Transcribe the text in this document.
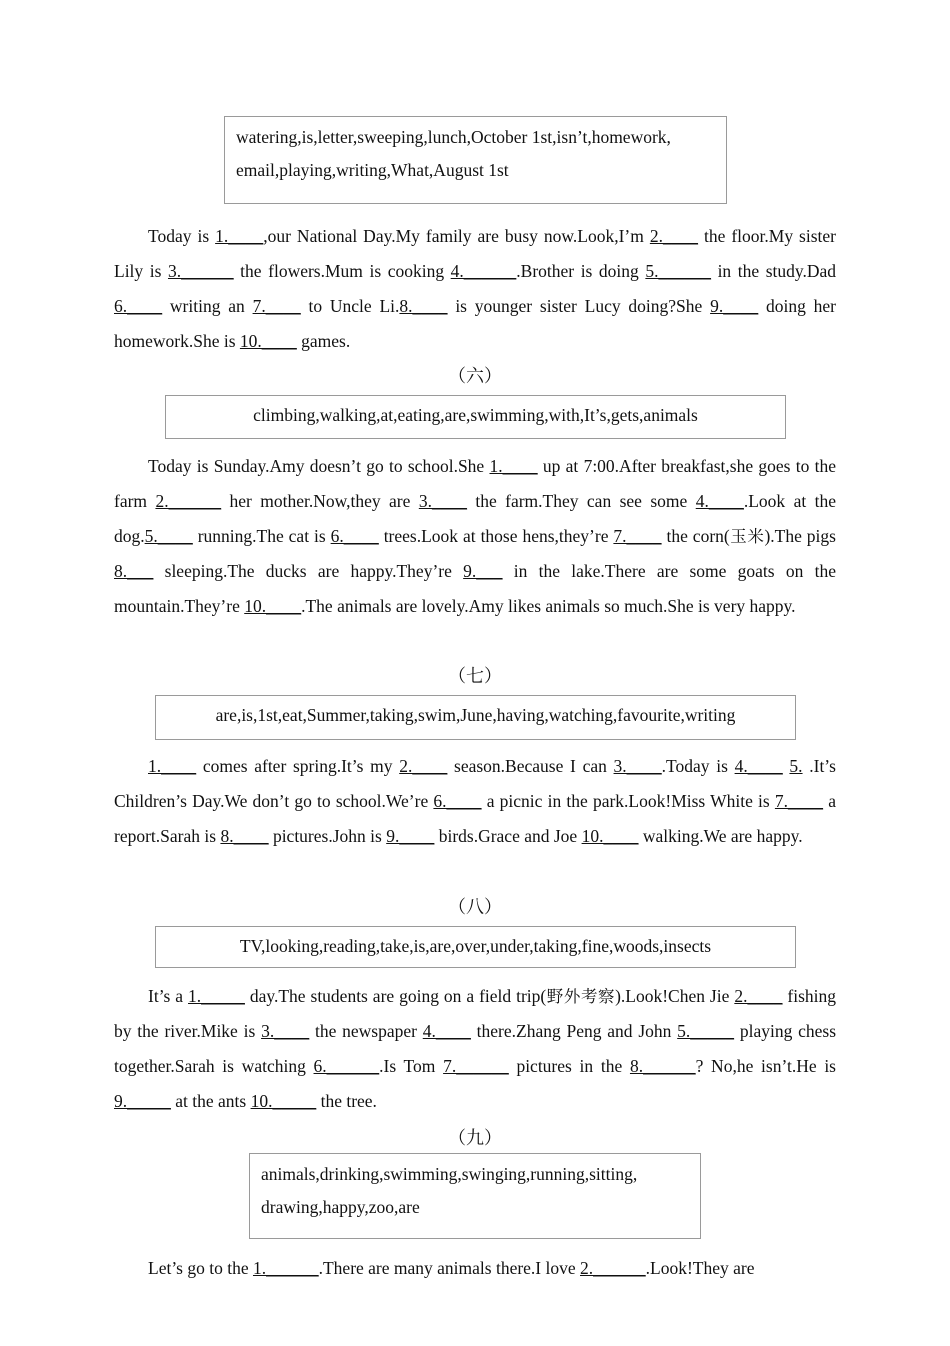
watering,is,letter,sweeping,lunch,October 1st,isn’t,homework,
email,playing,writing,What,August 1st

Today is 1.____,our National Day.My family are busy now.Look,I’m 2.____ the floor.My sister Lily is 3.______ the flowers.Mum is cooking 4.______.Brother is doing 5.______ in the study.Dad 6.____ writing an 7.____ to Uncle Li.8.____ is younger sister Lucy doing?She 9.____ doing her homework.She is 10.____ games.

（六）
climbing,walking,at,eating,are,swimming,with,It’s,gets,animals

Today is Sunday.Amy doesn’t go to school.She 1.____ up at 7:00.After breakfast,she goes to the farm 2.______ her mother.Now,they are 3.____ the farm.They can see some 4.____.Look at the dog.5.____ running.The cat is 6.____ trees.Look at those hens,they’re 7.____ the corn(玉米).The pigs 8.___ sleeping.The ducks are happy.They’re 9.___ in the lake.There are some goats on the mountain.They’re 10.____.The animals are lovely.Amy likes animals so much.She is very happy.

（七）
are,is,1st,eat,Summer,taking,swim,June,having,watching,favourite,writing

1.____ comes after spring.It’s my 2.____ season.Because I can 3.____.Today is 4.____ 5. .It’s Children’s Day.We don’t go to school.We’re 6.____ a picnic in the park.Look!Miss White is 7.____ a report.Sarah is 8.____ pictures.John is 9.____ birds.Grace and Joe 10.____ walking.We are happy.

（八）
TV,looking,reading,take,is,are,over,under,taking,fine,woods,insects

It’s a 1._____ day.The students are going on a field trip(野外考察).Look!Chen Jie 2.____ fishing by the river.Mike is 3.____ the newspaper 4.____ there.Zhang Peng and John 5._____ playing chess together.Sarah is watching 6.______.Is Tom 7.______ pictures in the 8.______? No,he isn’t.He is 9._____ at the ants 10._____ the tree.

（九）
animals,drinking,swimming,swinging,running,sitting,
drawing,happy,zoo,are

Let’s go to the 1.______.There are many animals there.I love 2.______.Look!They are
